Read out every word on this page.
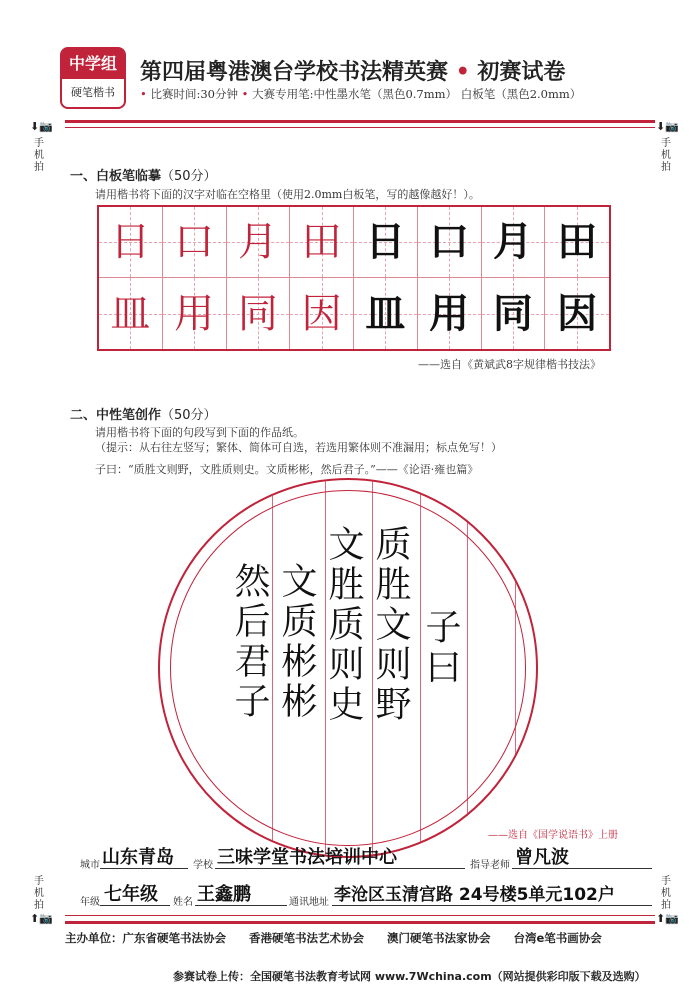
中学组
硬笔楷书
第四届粤港澳台学校书法精英赛 • 初赛试卷
• 比赛时间:30分钟 • 大赛专用笔:中性墨水笔（黑色0.7mm） 白板笔（黑色2.0mm）
⬇📷
手机拍
⬇📷
手机拍
一、白板笔临摹（50分）
请用楷书将下面的汉字对临在空格里（使用2.0mm白板笔，写的越像越好！）。
日 口 月 田 日 口 月 田
皿 用 同 因 皿 用 同 因
——选自《黄斌武8字规律楷书技法》
二、中性笔创作（50分）
请用楷书将下面的句段写到下面的作品纸。
（提示：从右往左竖写；繁体、简体可自选，若选用繁体则不准漏用；标点免写！）
子曰：“质胜文则野，文胜质则史。文质彬彬，然后君子。”——《论语·雍也篇》
子曰
质胜文则野
文胜质则史
文质彬彬
然后君子
——选自《国学说语书》上册
城市 山东青岛 学校 三味学堂书法培训中心	指导老师 曾凡波
年级 七年级 姓名 王鑫鹏	通讯地址 李沧区玉清宫路 24号楼5单元102户
手机拍
⬆📷
手机拍
⬆📷
主办单位：广东省硬笔书法协会　　香港硬笔书法艺术协会　　澳门硬笔书法家协会　　台湾e笔书画协会
参赛试卷上传：全国硬笔书法教育考试网 www.7Wchina.com（网站提供彩印版下载及选购）
